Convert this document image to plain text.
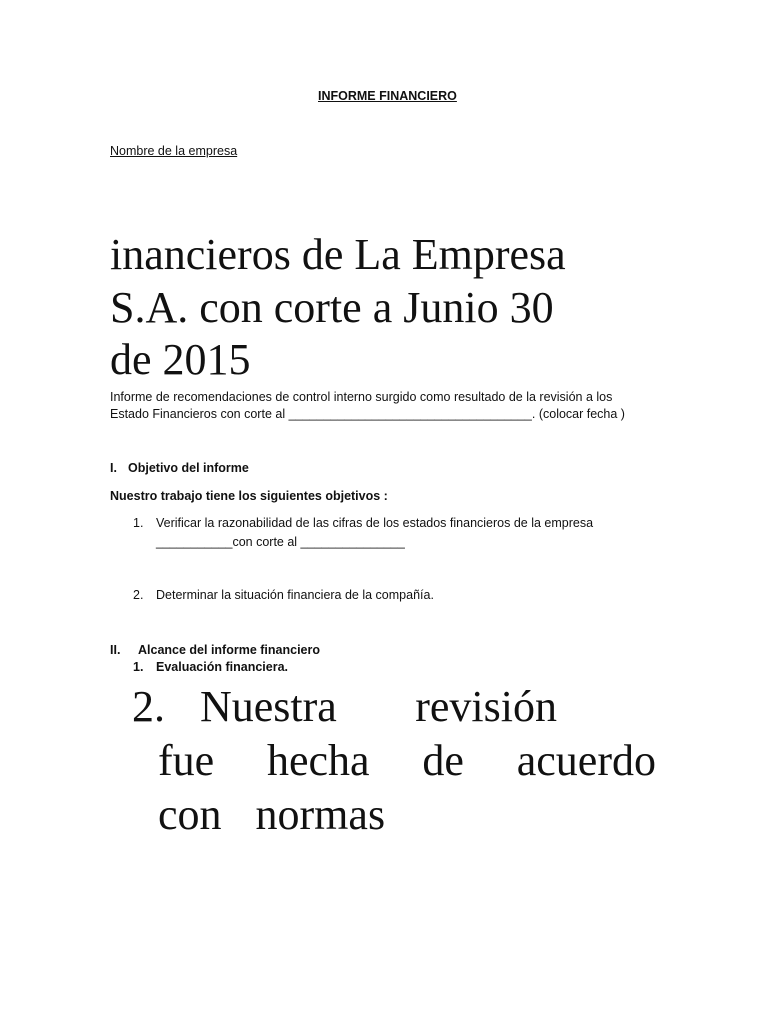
INFORME FINANCIERO
Nombre de la empresa
inancieros de La Empresa
S.A. con corte a Junio 30
de 2015
Informe de recomendaciones de control interno surgido como resultado de la revisión a los
Estado Financieros con corte al ___________________________________. (colocar fecha )
I. Objetivo del informe
Nuestro trabajo tiene los siguientes objetivos :
1. Verificar la razonabilidad de las cifras de los estados financieros de la empresa
___________con corte al _______________
2. Determinar la situación financiera de la compañía.
II. Alcance del informe financiero
1. Evaluación financiera.
2. Nuestra revisión
fue hecha de acuerdo
con normas
